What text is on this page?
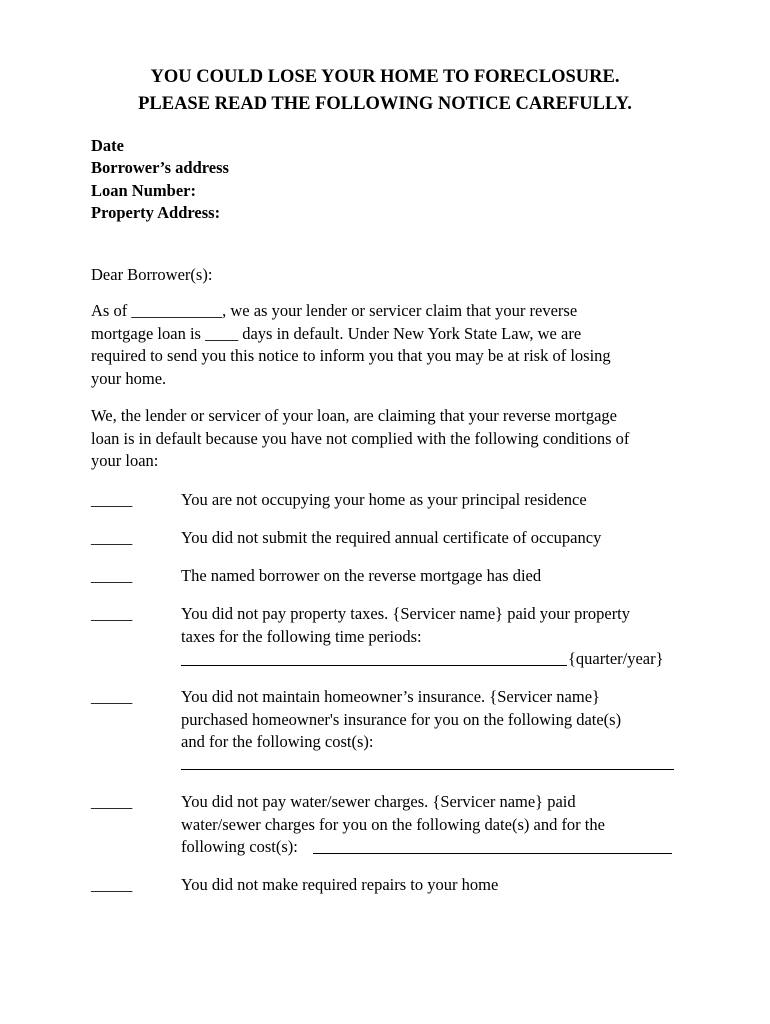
YOU COULD LOSE YOUR HOME TO FORECLOSURE.
PLEASE READ THE FOLLOWING NOTICE CAREFULLY.
Date
Borrower’s address
Loan Number:
Property Address:
Dear Borrower(s):
As of ___________, we as your lender or servicer claim that your reverse
mortgage loan is ____ days in default. Under New York State Law, we are
required to send you this notice to inform you that you may be at risk of losing
your home.
We, the lender or servicer of your loan, are claiming that your reverse mortgage
loan is in default because you have not complied with the following conditions of
your loan:
_____	You are not occupying your home as your principal residence
_____	You did not submit the required annual certificate of occupancy
_____	The named borrower on the reverse mortgage has died
_____	You did not pay property taxes. {Servicer name} paid your property
taxes for the following time periods:
{quarter/year}
_____	You did not maintain homeowner’s insurance. {Servicer name}
purchased homeowner's insurance for you on the following date(s)
and for the following cost(s):
_____	You did not pay water/sewer charges. {Servicer name} paid
water/sewer charges for you on the following date(s) and for the
following cost(s):
_____	You did not make required repairs to your home
